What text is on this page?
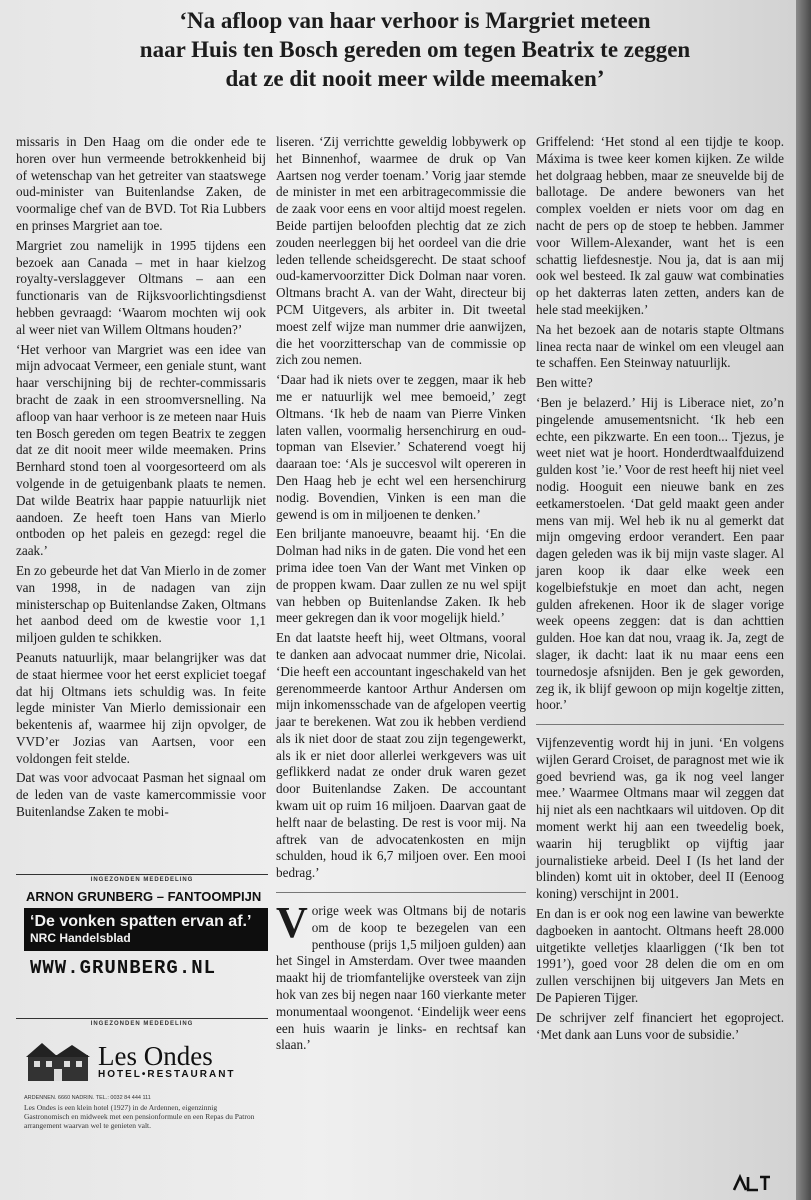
‘Na afloop van haar verhoor is Margriet meteen
naar Huis ten Bosch gereden om tegen Beatrix te zeggen
dat ze dit nooit meer wilde meemaken’

missaris in Den Haag om die onder ede te horen over hun vermeende betrokkenheid bij of wetenschap van het getreiter van staatswege oud-minister van Buitenlandse Zaken, de voormalige chef van de BVD. Tot Ria Lubbers en prinses Margriet aan toe.

Margriet zou namelijk in 1995 tijdens een bezoek aan Canada – met in haar kielzog royalty-verslaggever Oltmans – aan een functionaris van de Rijksvoorlichtingsdienst hebben gevraagd: ‘Waarom mochten wij ook al weer niet van Willem Oltmans houden?’

‘Het verhoor van Margriet was een idee van mijn advocaat Vermeer, een geniale stunt, want haar verschijning bij de rechter-commissaris bracht de zaak in een stroomversnelling. Na afloop van haar verhoor is ze meteen naar Huis ten Bosch gereden om tegen Beatrix te zeggen dat ze dit nooit meer wilde meemaken. Prins Bernhard stond toen al voorgesorteerd om als volgende in de getuigenbank plaats te nemen. Dat wilde Beatrix haar pappie natuurlijk niet aandoen. Ze heeft toen Hans van Mierlo ontboden op het paleis en gezegd: regel die zaak.’

En zo gebeurde het dat Van Mierlo in de zomer van 1998, in de nadagen van zijn ministerschap op Buitenlandse Zaken, Oltmans het aanbod deed om de kwestie voor 1,1 miljoen gulden te schikken.

Peanuts natuurlijk, maar belangrijker was dat de staat hiermee voor het eerst expliciet toegaf dat hij Oltmans iets schuldig was. In feite legde minister Van Mierlo demissionair een bekentenis af, waarmee hij zijn opvolger, de VVD’er Jozias van Aartsen, voor een voldongen feit stelde.

Dat was voor advocaat Pasman het signaal om de leden van de vaste kamercommissie voor Buitenlandse Zaken te mobi-

liseren. ‘Zij verrichtte geweldig lobbywerk op het Binnenhof, waarmee de druk op Van Aartsen nog verder toenam.’ Vorig jaar stemde de minister in met een arbitragecommissie die de zaak voor eens en voor altijd moest regelen. Beide partijen beloofden plechtig dat ze zich zouden neerleggen bij het oordeel van die drie leden tellende scheidsgerecht. De staat schoof oud-kamervoorzitter Dick Dolman naar voren. Oltmans bracht A. van der Waht, directeur bij PCM Uitgevers, als arbiter in. Dit tweetal moest zelf wijze man nummer drie aanwijzen, die het voorzitterschap van de commissie op zich zou nemen.

‘Daar had ik niets over te zeggen, maar ik heb me er natuurlijk wel mee bemoeid,’ zegt Oltmans. ‘Ik heb de naam van Pierre Vinken laten vallen, voormalig hersenchirurg en oud-topman van Elsevier.’ Schaterend voegt hij daaraan toe: ‘Als je succesvol wilt opereren in Den Haag heb je echt wel een hersenchirurg nodig. Bovendien, Vinken is een man die gewend is om in miljoenen te denken.’

Een briljante manoeuvre, beaamt hij. ‘En die Dolman had niks in de gaten. Die vond het een prima idee toen Van der Want met Vinken op de proppen kwam. Daar zullen ze nu wel spijt van hebben op Buitenlandse Zaken. Ik heb meer gekregen dan ik voor mogelijk hield.’

En dat laatste heeft hij, weet Oltmans, vooral te danken aan advocaat nummer drie, Nicolai. ‘Die heeft een accountant ingeschakeld van het gerenommeerde kantoor Arthur Andersen om mijn inkomensschade van de afgelopen veertig jaar te berekenen. Wat zou ik hebben verdiend als ik niet door de staat zou zijn tegengewerkt, als ik er niet door allerlei werkgevers was uit geflikkerd nadat ze onder druk waren gezet door Buitenlandse Zaken. De accountant kwam uit op ruim 16 miljoen. Daarvan gaat de helft naar de belasting. De rest is voor mij. Na aftrek van de advocatenkosten en mijn schulden, houd ik 6,7 miljoen over. Een mooi bedrag.’

Vorige week was Oltmans bij de notaris om de koop te bezegelen van een penthouse (prijs 1,5 miljoen gulden) aan het Singel in Amsterdam. Over twee maanden maakt hij de triomfantelijke oversteek van zijn hok van zes bij negen naar 160 vierkante meter monumentaal woongenot. ‘Eindelijk weer eens een huis waarin je links- en rechtsaf kan slaan.’

Griffelend: ‘Het stond al een tijdje te koop. Máxima is twee keer komen kijken. Ze wilde het dolgraag hebben, maar ze sneuvelde bij de ballotage. De andere bewoners van het complex voelden er niets voor om dag en nacht de pers op de stoep te hebben. Jammer voor Willem-Alexander, want het is een schattig liefdesnestje. Nou ja, dat is aan mij ook wel besteed. Ik zal gauw wat combinaties op het dakterras laten zetten, anders kan de hele stad meekijken.’

Na het bezoek aan de notaris stapte Oltmans linea recta naar de winkel om een vleugel aan te schaffen. Een Steinway natuurlijk.

Ben witte?

‘Ben je belazerd.’ Hij is Liberace niet, zo’n pingelende amusementsnicht. ‘Ik heb een echte, een pikzwarte. En een toon... Tjezus, je weet niet wat je hoort. Honderdtwaalfduizend gulden kost ’ie.’ Voor de rest heeft hij niet veel nodig. Hooguit een nieuwe bank en zes eetkamerstoelen. ‘Dat geld maakt geen ander mens van mij. Wel heb ik nu al gemerkt dat mijn omgeving erdoor verandert. Een paar dagen geleden was ik bij mijn vaste slager. Al jaren koop ik daar elke week een kogelbiefstukje en moet dan acht, negen gulden afrekenen. Hoor ik de slager vorige week opeens zeggen: dat is dan achttien gulden. Hoe kan dat nou, vraag ik. Ja, zegt de slager, ik dacht: laat ik nu maar eens een tournedosje afsnijden. Ben je gek geworden, zeg ik, ik blijf gewoon op mijn kogeltje zitten, hoor.’

Vijfenzeventig wordt hij in juni. ‘En volgens wijlen Gerard Croiset, de paragnost met wie ik goed bevriend was, ga ik nog veel langer mee.’ Waarmee Oltmans maar wil zeggen dat hij niet als een nachtkaars wil uitdoven. Op dit moment werkt hij aan een tweedelig boek, waarin hij terugblikt op vijftig jaar journalistieke arbeid. Deel I (Is het land der blinden) komt uit in oktober, deel II (Eenoog koning) verschijnt in 2001.

En dan is er ook nog een lawine van bewerkte dagboeken in aantocht. Oltmans heeft 28.000 uitgetikte velletjes klaarliggen (‘Ik ben tot 1991’), goed voor 28 delen die om en om zullen verschijnen bij uitgevers Jan Mets en De Papieren Tijger.

De schrijver zelf financiert het egoproject. ‘Met dank aan Luns voor de subsidie.’

INGEZONDEN MEDEDELING
ARNON GRUNBERG – FANTOOMPIJN
‘De vonken spatten ervan af.’
NRC Handelsblad
WWW.GRUNBERG.NL
INGEZONDEN MEDEDELING
Les Ondes
HOTEL•RESTAURANT
ARDENNEN. 6660 NADRIN. TEL.: 0032 84 444 111
Les Ondes is een klein hotel (1927) in de Ardennen, eigenzinnig Gastronomisch en midweek met een pensionformule en een Repas du Patron arrangement waarvan wel te genieten valt.
